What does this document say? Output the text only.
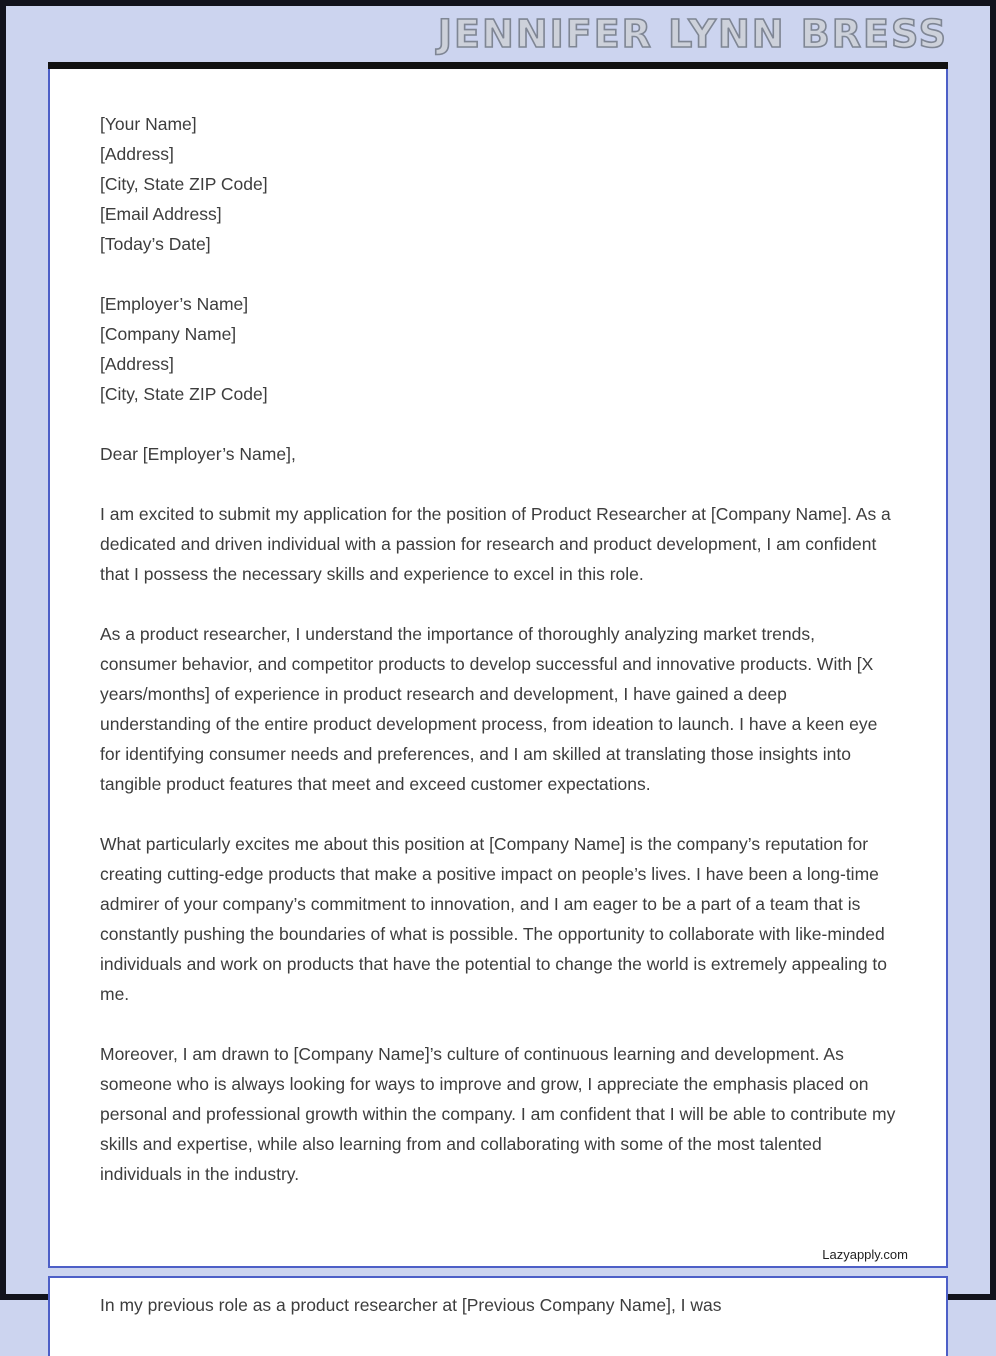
JENNIFER LYNN BRESS
[Your Name]
[Address]
[City, State ZIP Code]
[Email Address]
[Today’s Date]
[Employer’s Name]
[Company Name]
[Address]
[City, State ZIP Code]
Dear [Employer’s Name],
I am excited to submit my application for the position of Product Researcher at [Company Name]. As a dedicated and driven individual with a passion for research and product development, I am confident that I possess the necessary skills and experience to excel in this role.
As a product researcher, I understand the importance of thoroughly analyzing market trends, consumer behavior, and competitor products to develop successful and innovative products. With [X years/months] of experience in product research and development, I have gained a deep understanding of the entire product development process, from ideation to launch. I have a keen eye for identifying consumer needs and preferences, and I am skilled at translating those insights into tangible product features that meet and exceed customer expectations.
What particularly excites me about this position at [Company Name] is the company’s reputation for creating cutting-edge products that make a positive impact on people’s lives. I have been a long-time admirer of your company’s commitment to innovation, and I am eager to be a part of a team that is constantly pushing the boundaries of what is possible. The opportunity to collaborate with like-minded individuals and work on products that have the potential to change the world is extremely appealing to me.
Moreover, I am drawn to [Company Name]’s culture of continuous learning and development. As someone who is always looking for ways to improve and grow, I appreciate the emphasis placed on personal and professional growth within the company. I am confident that I will be able to contribute my skills and expertise, while also learning from and collaborating with some of the most talented individuals in the industry.
Lazyapply.com
In my previous role as a product researcher at [Previous Company Name], I was
